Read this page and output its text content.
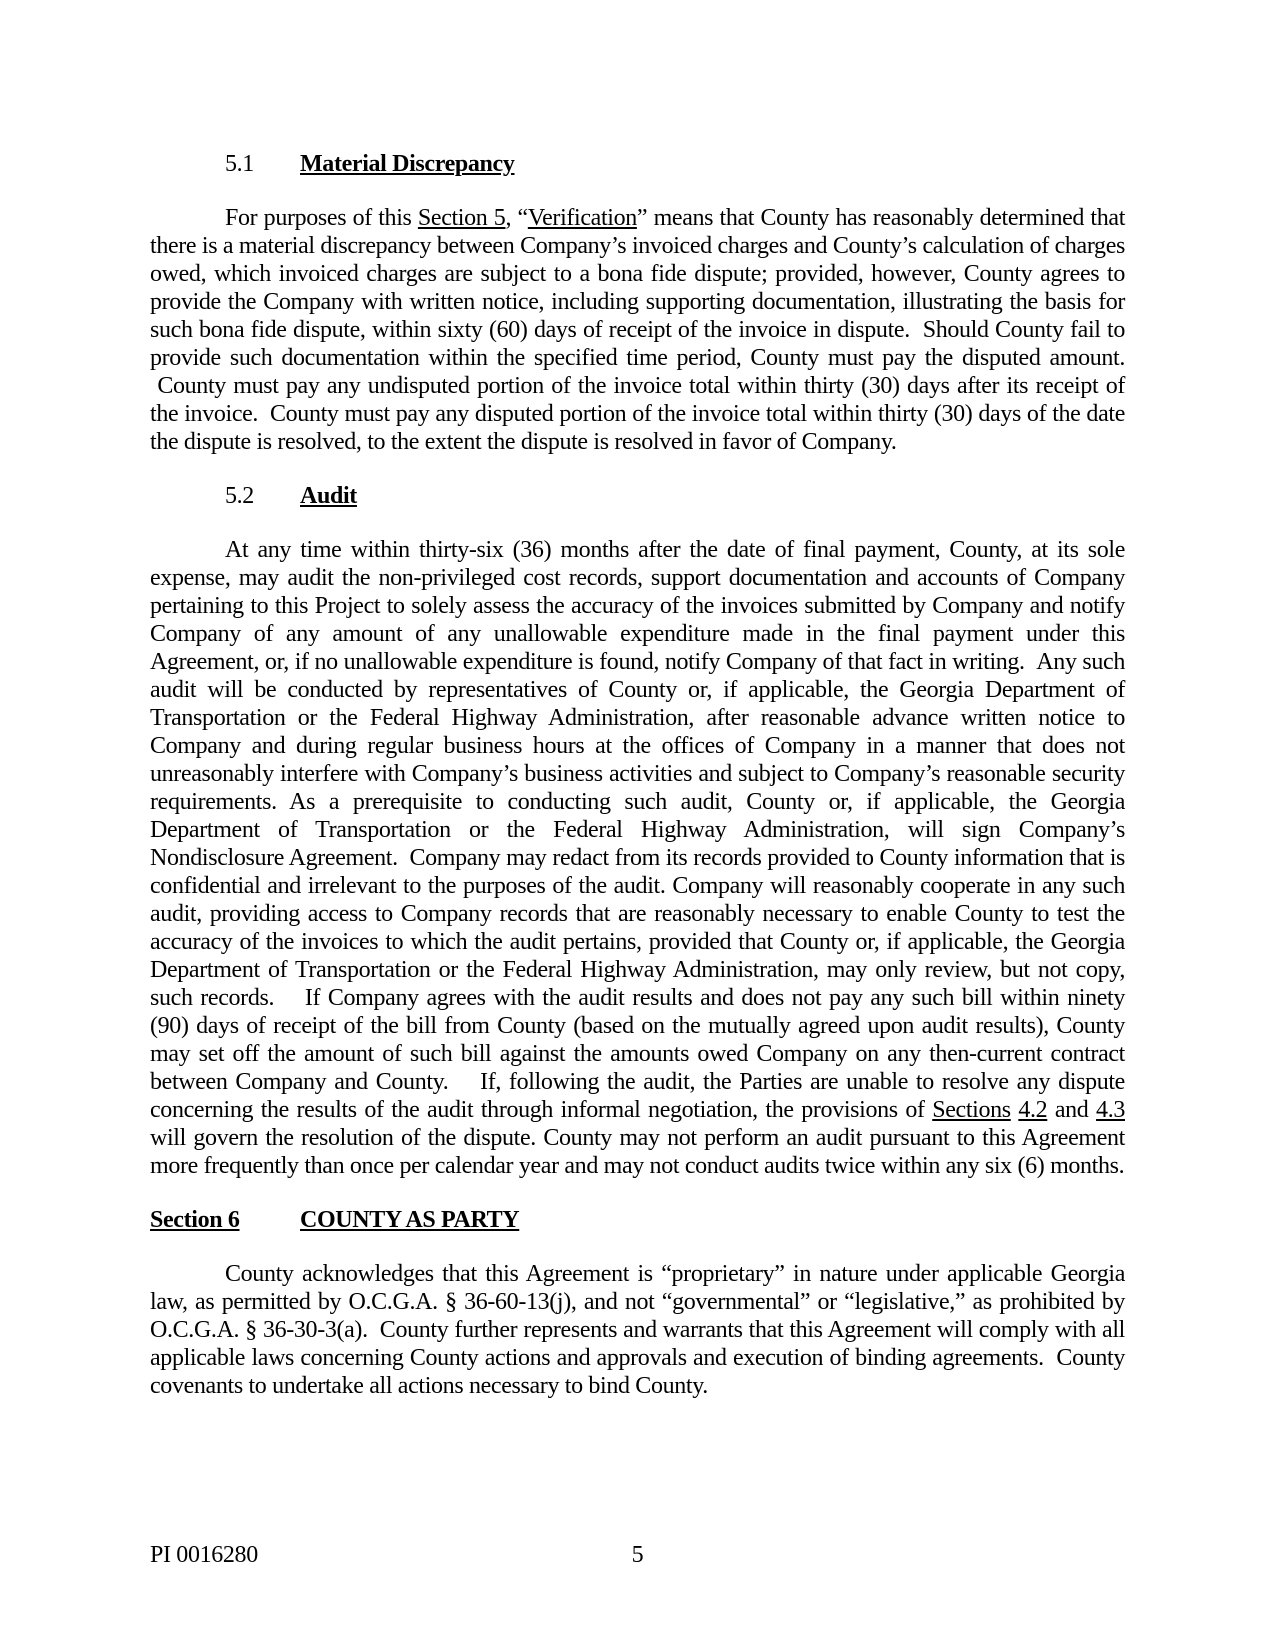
5.1 Material Discrepancy

For purposes of this Section 5, “Verification” means that County has reasonably determined that there is a material discrepancy between Company’s invoiced charges and County’s calculation of charges owed, which invoiced charges are subject to a bona fide dispute; provided, however, County agrees to provide the Company with written notice, including supporting documentation, illustrating the basis for such bona fide dispute, within sixty (60) days of receipt of the invoice in dispute.  Should County fail to provide such documentation within the specified time period, County must pay the disputed amount.  County must pay any undisputed portion of the invoice total within thirty (30) days after its receipt of the invoice.  County must pay any disputed portion of the invoice total within thirty (30) days of the date the dispute is resolved, to the extent the dispute is resolved in favor of Company.

5.2 Audit

At any time within thirty-six (36) months after the date of final payment, County, at its sole expense, may audit the non-privileged cost records, support documentation and accounts of Company pertaining to this Project to solely assess the accuracy of the invoices submitted by Company and notify Company of any amount of any unallowable expenditure made in the final payment under this Agreement, or, if no unallowable expenditure is found, notify Company of that fact in writing.  Any such audit will be conducted by representatives of County or, if applicable, the Georgia Department of Transportation or the Federal Highway Administration, after reasonable advance written notice to Company and during regular business hours at the offices of Company in a manner that does not unreasonably interfere with Company’s business activities and subject to Company’s reasonable security requirements. As a prerequisite to conducting such audit, County or, if applicable, the Georgia Department of Transportation or the Federal Highway Administration, will sign Company’s Nondisclosure Agreement.  Company may redact from its records provided to County information that is confidential and irrelevant to the purposes of the audit. Company will reasonably cooperate in any such audit, providing access to Company records that are reasonably necessary to enable County to test the accuracy of the invoices to which the audit pertains, provided that County or, if applicable, the Georgia Department of Transportation or the Federal Highway Administration, may only review, but not copy, such records.    If Company agrees with the audit results and does not pay any such bill within ninety (90) days of receipt of the bill from County (based on the mutually agreed upon audit results), County may set off the amount of such bill against the amounts owed Company on any then-current contract between Company and County.    If, following the audit, the Parties are unable to resolve any dispute concerning the results of the audit through informal negotiation, the provisions of Sections 4.2 and 4.3 will govern the resolution of the dispute. County may not perform an audit pursuant to this Agreement more frequently than once per calendar year and may not conduct audits twice within any six (6) months.

Section 6	COUNTY AS PARTY

County acknowledges that this Agreement is “proprietary” in nature under applicable Georgia law, as permitted by O.C.G.A. § 36-60-13(j), and not “governmental” or “legislative,” as prohibited by O.C.G.A. § 36-30-3(a).  County further represents and warrants that this Agreement will comply with all applicable laws concerning County actions and approvals and execution of binding agreements.  County covenants to undertake all actions necessary to bind County.

PI 0016280	5
